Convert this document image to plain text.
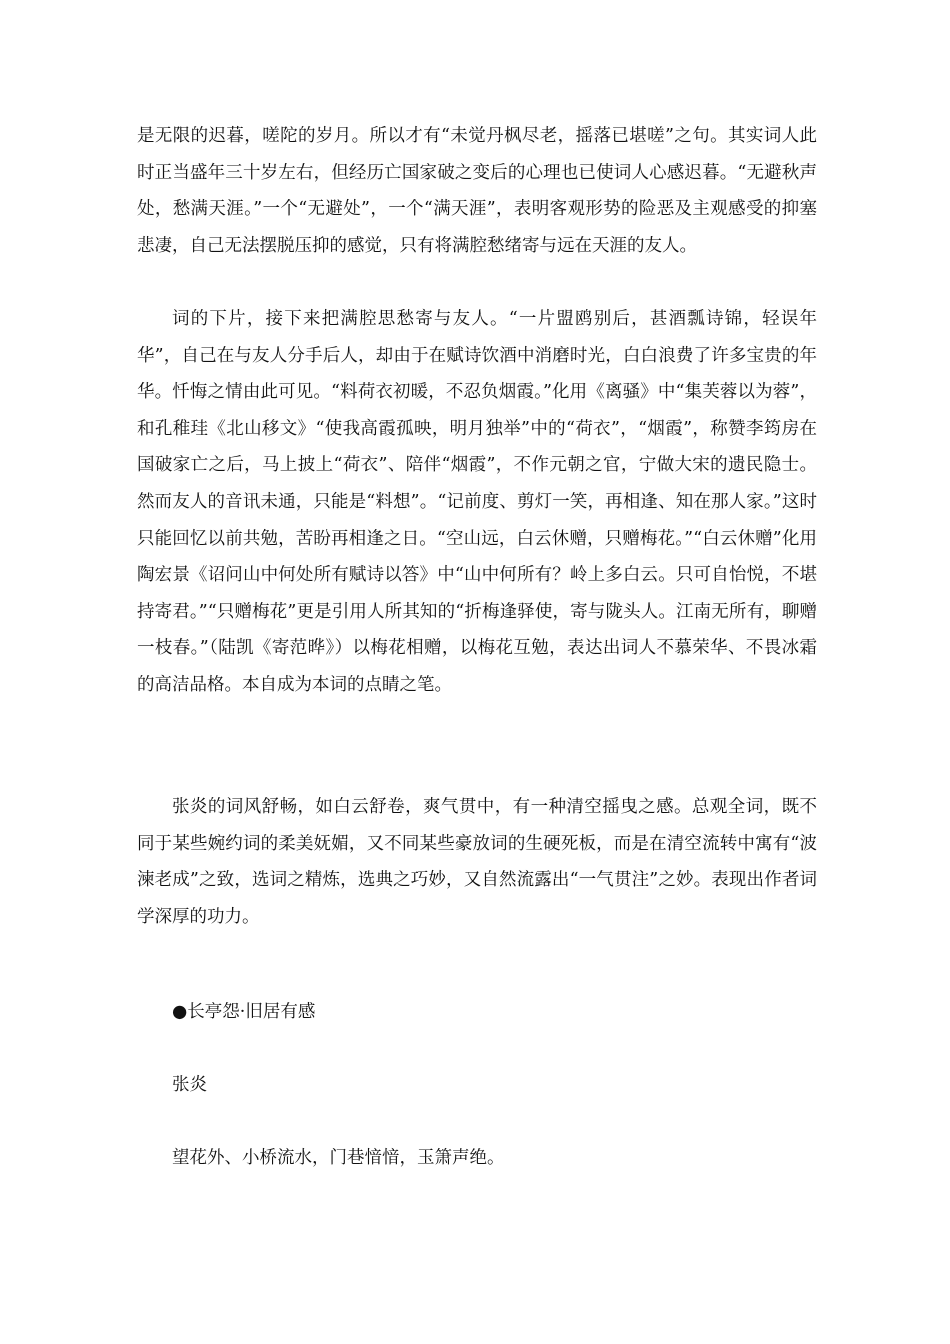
是无限的迟暮，嗟陀的岁月。所以才有“未觉丹枫尽老，摇落已堪嗟”之句。其实词人此时正当盛年三十岁左右，但经历亡国家破之变后的心理也已使词人心感迟暮。“无避秋声处，愁满天涯。”一个“无避处”，一个“满天涯”，表明客观形势的险恶及主观感受的抑塞悲凄，自己无法摆脱压抑的感觉，只有将满腔愁绪寄与远在天涯的友人。

词的下片，接下来把满腔思愁寄与友人。“一片盟鸥别后，甚酒瓢诗锦，轻误年华”，自己在与友人分手后人，却由于在赋诗饮酒中消磨时光，白白浪费了许多宝贵的年华。忏悔之情由此可见。“料荷衣初暖，不忍负烟霞。”化用《离骚》中“集芙蓉以为蓉”，和孔稚珪《北山移文》“使我高霞孤映，明月独举”中的“荷衣”，“烟霞”，称赞李筠房在国破家亡之后，马上披上“荷衣”、陪伴“烟霞”，不作元朝之官，宁做大宋的遗民隐士。然而友人的音讯未通，只能是“料想”。“记前度、剪灯一笑，再相逢、知在那人家。”这时只能回忆以前共勉，苦盼再相逢之日。“空山远，白云休赠，只赠梅花。”“白云休赠”化用陶宏景《诏问山中何处所有赋诗以答》中“山中何所有？岭上多白云。只可自怡悦，不堪持寄君。”“只赠梅花”更是引用人所其知的“折梅逢驿使，寄与陇头人。江南无所有，聊赠一枝春。”（陆凯《寄范晔》）以梅花相赠，以梅花互勉，表达出词人不慕荣华、不畏冰霜的高洁品格。本自成为本词的点睛之笔。

张炎的词风舒畅，如白云舒卷，爽气贯中，有一种清空摇曳之感。总观全词，既不同于某些婉约词的柔美妩媚，又不同某些豪放词的生硬死板，而是在清空流转中寓有“波湅老成”之致，选词之精炼，选典之巧妙，又自然流露出“一气贯注”之妙。表现出作者词学深厚的功力。

●长亭怨·旧居有感

张炎

望花外、小桥流水，门巷愔愔，玉箫声绝。
